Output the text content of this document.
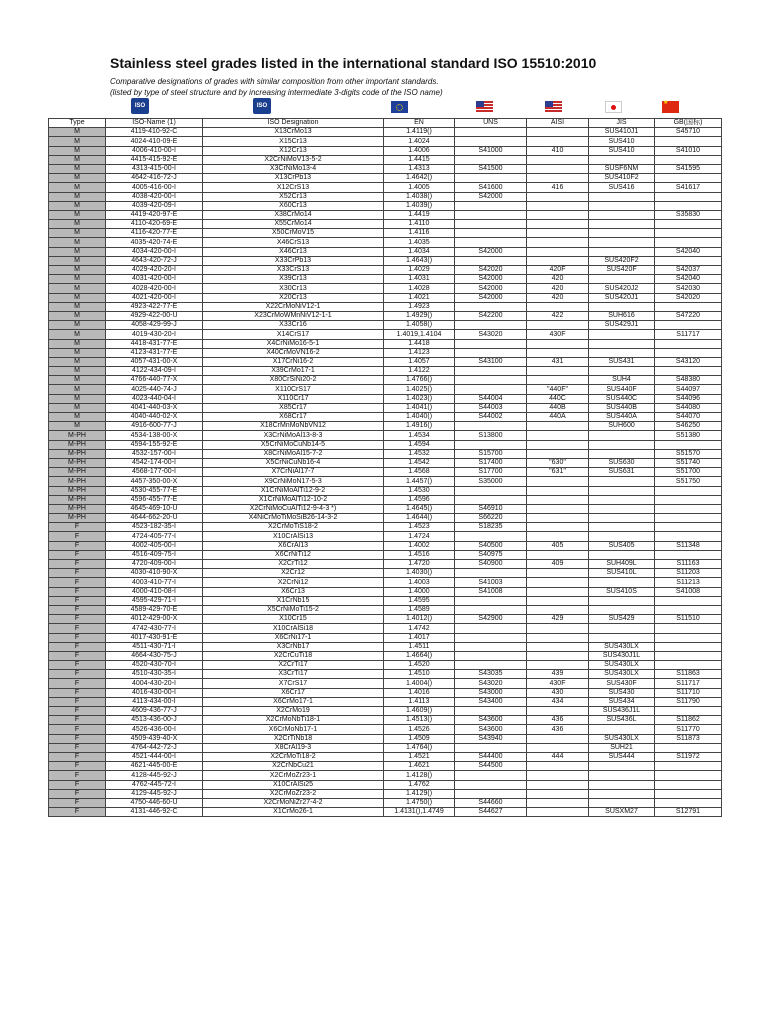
Stainless steel grades listed in the international standard ISO 15510:2010
Comparative designations of grades with similar composition from other important standards.
(listed by type of steel structure and by increasing intermediate 3-digits code of the ISO name)
ISO	ISO
★
Type	ISO-Name (1)	ISO Designation	EN	UNS	AISI	JIS	GB(国标)
M	4119-410-92-C	X13CrMo13	1.4119()			SUS410J1	S45710
M	4024-410-09-E	X15Cr13	1.4024			SUS410	
M	4006-410-00-I	X12Cr13	1.4006	S41000	410	SUS410	S41010
M	4415-415-92-E	X2CrNiMoV13-5-2	1.4415				
M	4313-415-00-I	X3CrNiMo13-4	1.4313	S41500		SUSF6NM	S41595
M	4642-416-72-J	X13CrPb13	1.4642()			SUS410F2	
M	4005-416-00-I	X12CrS13	1.4005	S41600	416	SUS416	S41617
M	4038-420-00-I	X52Cr13	1.4038()	S42000			
M	4039-420-09-I	X60Cr13	1.4039()				
M	4419-420-97-E	X38CrMo14	1.4419				S35830
M	4110-420-69-E	X55CrMo14	1.4110				
M	4116-420-77-E	X50CrMoV15	1.4116				
M	4035-420-74-E	X46CrS13	1.4035				
M	4034-420-00-I	X46Cr13	1.4034	S42000			S42040
M	4643-420-72-J	X33CrPb13	1.4643()			SUS420F2	
M	4029-420-20-I	X33CrS13	1.4029	S42020	420F	SUS420F	S42037
M	4031-420-00-I	X39Cr13	1.4031	S42000	420		S42040
M	4028-420-00-I	X30Cr13	1.4028	S42000	420	SUS420J2	S42030
M	4021-420-00-I	X20Cr13	1.4021	S42000	420	SUS420J1	S42020
M	4923-422-77-E	X22CrMoNiV12-1	1.4923				
M	4929-422-00-U	X23CrMoWMnNiV12-1-1	1.4929()	S42200	422	SUH616	S47220
M	4058-429-99-J	X33Cr16	1.4058()			SUS429J1	
M	4019-430-20-I	X14CrS17	1.4019,1.4104	S43020	430F		S11717
M	4418-431-77-E	X4CrNiMo16-5-1	1.4418				
M	4123-431-77-E	X40CrMoVN16-2	1.4123				
M	4057-431-00-X	X17CrNi16-2	1.4057	S43100	431	SUS431	S43120
M	4122-434-09-I	X39CrMo17-1	1.4122				
M	4766-440-77-X	X80CrSiNi20-2	1.4766()			SUH4	S48380
M	4025-440-74-J	X110CrS17	1.4025()		"440F"	SUS440F	S44097
M	4023-440-04-I	X110Cr17	1.4023()	S44004	440C	SUS440C	S44096
M	4041-440-03-X	X85Cr17	1.4041()	S44003	440B	SUS440B	S44080
M	4040-440-02-X	X68Cr17	1.4040()	S44002	440A	SUS440A	S44070
M	4916-600-77-J	X18CrMnMoNbVN12	1.4916()			SUH600	S46250
M-PH	4534-138-00-X	X3CrNiMoAl13-8-3	1.4534	S13800			S51380
M-PH	4594-155-92-E	X5CrNiMoCuNb14-5	1.4594				
M-PH	4532-157-00-I	X8CrNiMoAl15-7-2	1.4532	S15700			S51570
M-PH	4542-174-00-I	X5CrNiCuNb16-4	1.4542	S17400	"630"	SUS630	S51740
M-PH	4568-177-00-I	X7CrNiAl17-7	1.4568	S17700	"631"	SUS631	S51700
M-PH	4457-350-00-X	X9CrNiMoN17-5-3	1.4457()	S35000			S51750
M-PH	4530-455-77-E	X1CrNiMoAlTi12-9-2	1.4530				
M-PH	4596-455-77-E	X1CrNiMoAlTi12-10-2	1.4596				
M-PH	4645-469-10-U	X2CrNiMoCuAlTi12-9-4-3 *)	1.4645()	S46910			
M-PH	4644-662-20-U	X4NiCrMoTiMoSiB26-14-3-2	1.4644()	S66220			
F	4523-182-35-I	X2CrMoTiS18-2	1.4523	S18235			
F	4724-405-77-I	X10CrAlSi13	1.4724				
F	4002-405-00-I	X6CrAl13	1.4002	S40500	405	SUS405	S11348
F	4516-409-75-I	X6CrNiTi12	1.4516	S40975			
F	4720-409-00-I	X2CrTi12	1.4720	S40900	409	SUH409L	S11163
F	4030-410-90-X	X2Cr12	1.4030()			SUS410L	S11203
F	4003-410-77-I	X2CrNi12	1.4003	S41003			S11213
F	4000-410-08-I	X6Cr13	1.4000	S41008		SUS410S	S41008
F	4595-429-71-I	X1CrNb15	1.4595				
F	4589-429-70-E	X5CrNiMoTi15-2	1.4589				
F	4012-429-00-X	X10Cr15	1.4012()	S42900	429	SUS429	S11510
F	4742-430-77-I	X10CrAlSi18	1.4742				
F	4017-430-91-E	X6CrNi17-1	1.4017				
F	4511-430-71-I	X3CrNb17	1.4511			SUS430LX	
F	4664-430-75-J	X2CrCuTi18	1.4664()			SUS430J1L	
F	4520-430-70-I	X2CrTi17	1.4520			SUS430LX	
F	4510-430-35-I	X3CrTi17	1.4510	S43035	439	SUS430LX	S11863
F	4004-430-20-I	X7CrS17	1.4004()	S43020	430F	SUS430F	S11717
F	4016-430-00-I	X6Cr17	1.4016	S43000	430	SUS430	S11710
F	4113-434-00-I	X6CrMo17-1	1.4113	S43400	434	SUS434	S11790
F	4609-436-77-J	X2CrMo19	1.4609()			SUS436J1L	
F	4513-436-00-J	X2CrMoNbTi18-1	1.4513()	S43600	436	SUS436L	S11862
F	4526-436-00-I	X6CrMoNb17-1	1.4526	S43600	436		S11770
F	4509-439-40-X	X2CrTiNb18	1.4509	S43940		SUS430LX	S11873
F	4764-442-72-J	X8CrAl19-3	1.4764()			SUH21	
F	4521-444-00-I	X2CrMoTi18-2	1.4521	S44400	444	SUS444	S11972
F	4621-445-00-E	X2CrNbCu21	1.4621	S44500			
F	4128-445-92-J	X2CrMoZr23-1	1.4128()				
F	4762-445-72-I	X10CrAlSi25	1.4762				
F	4129-445-92-J	X2CrMoZr23-2	1.4129()				
F	4750-446-60-U	X2CrMoNiZr27-4-2	1.4750()	S44660			
F	4131-446-92-C	X1CrMo26-1	1.4131(),1.4749	S44627		SUSXM27	S12791
